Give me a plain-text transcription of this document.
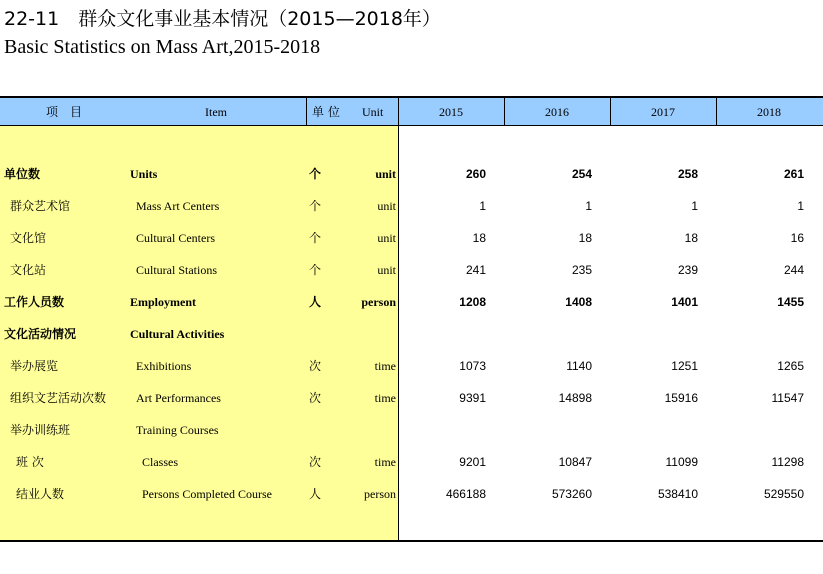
22-11　群众文化事业基本情况（2015—2018年）
Basic Statistics on Mass Art,2015-2018
项　目	Item	单 位 Unit	2015	2016	2017	2018
单位数	Units	个	unit	260	254	258	261
群众艺术馆	Mass Art Centers	个	unit	1	1	1	1
文化馆	Cultural Centers	个	unit	18	18	18	16
文化站	Cultural Stations	个	unit	241	235	239	244
工作人员数	Employment	人	person	1208	1408	1401	1455
文化活动情况	Cultural Activities
举办展览	Exhibitions	次	time	1073	1140	1251	1265
组织文艺活动次数 Art Performances	次	time	9391	14898	15916	11547
举办训练班	Training Courses
班 次	Classes	次	time	9201	10847	11099	11298
结业人数	Persons Completed Course	人	person	466188	573260	538410	529550
